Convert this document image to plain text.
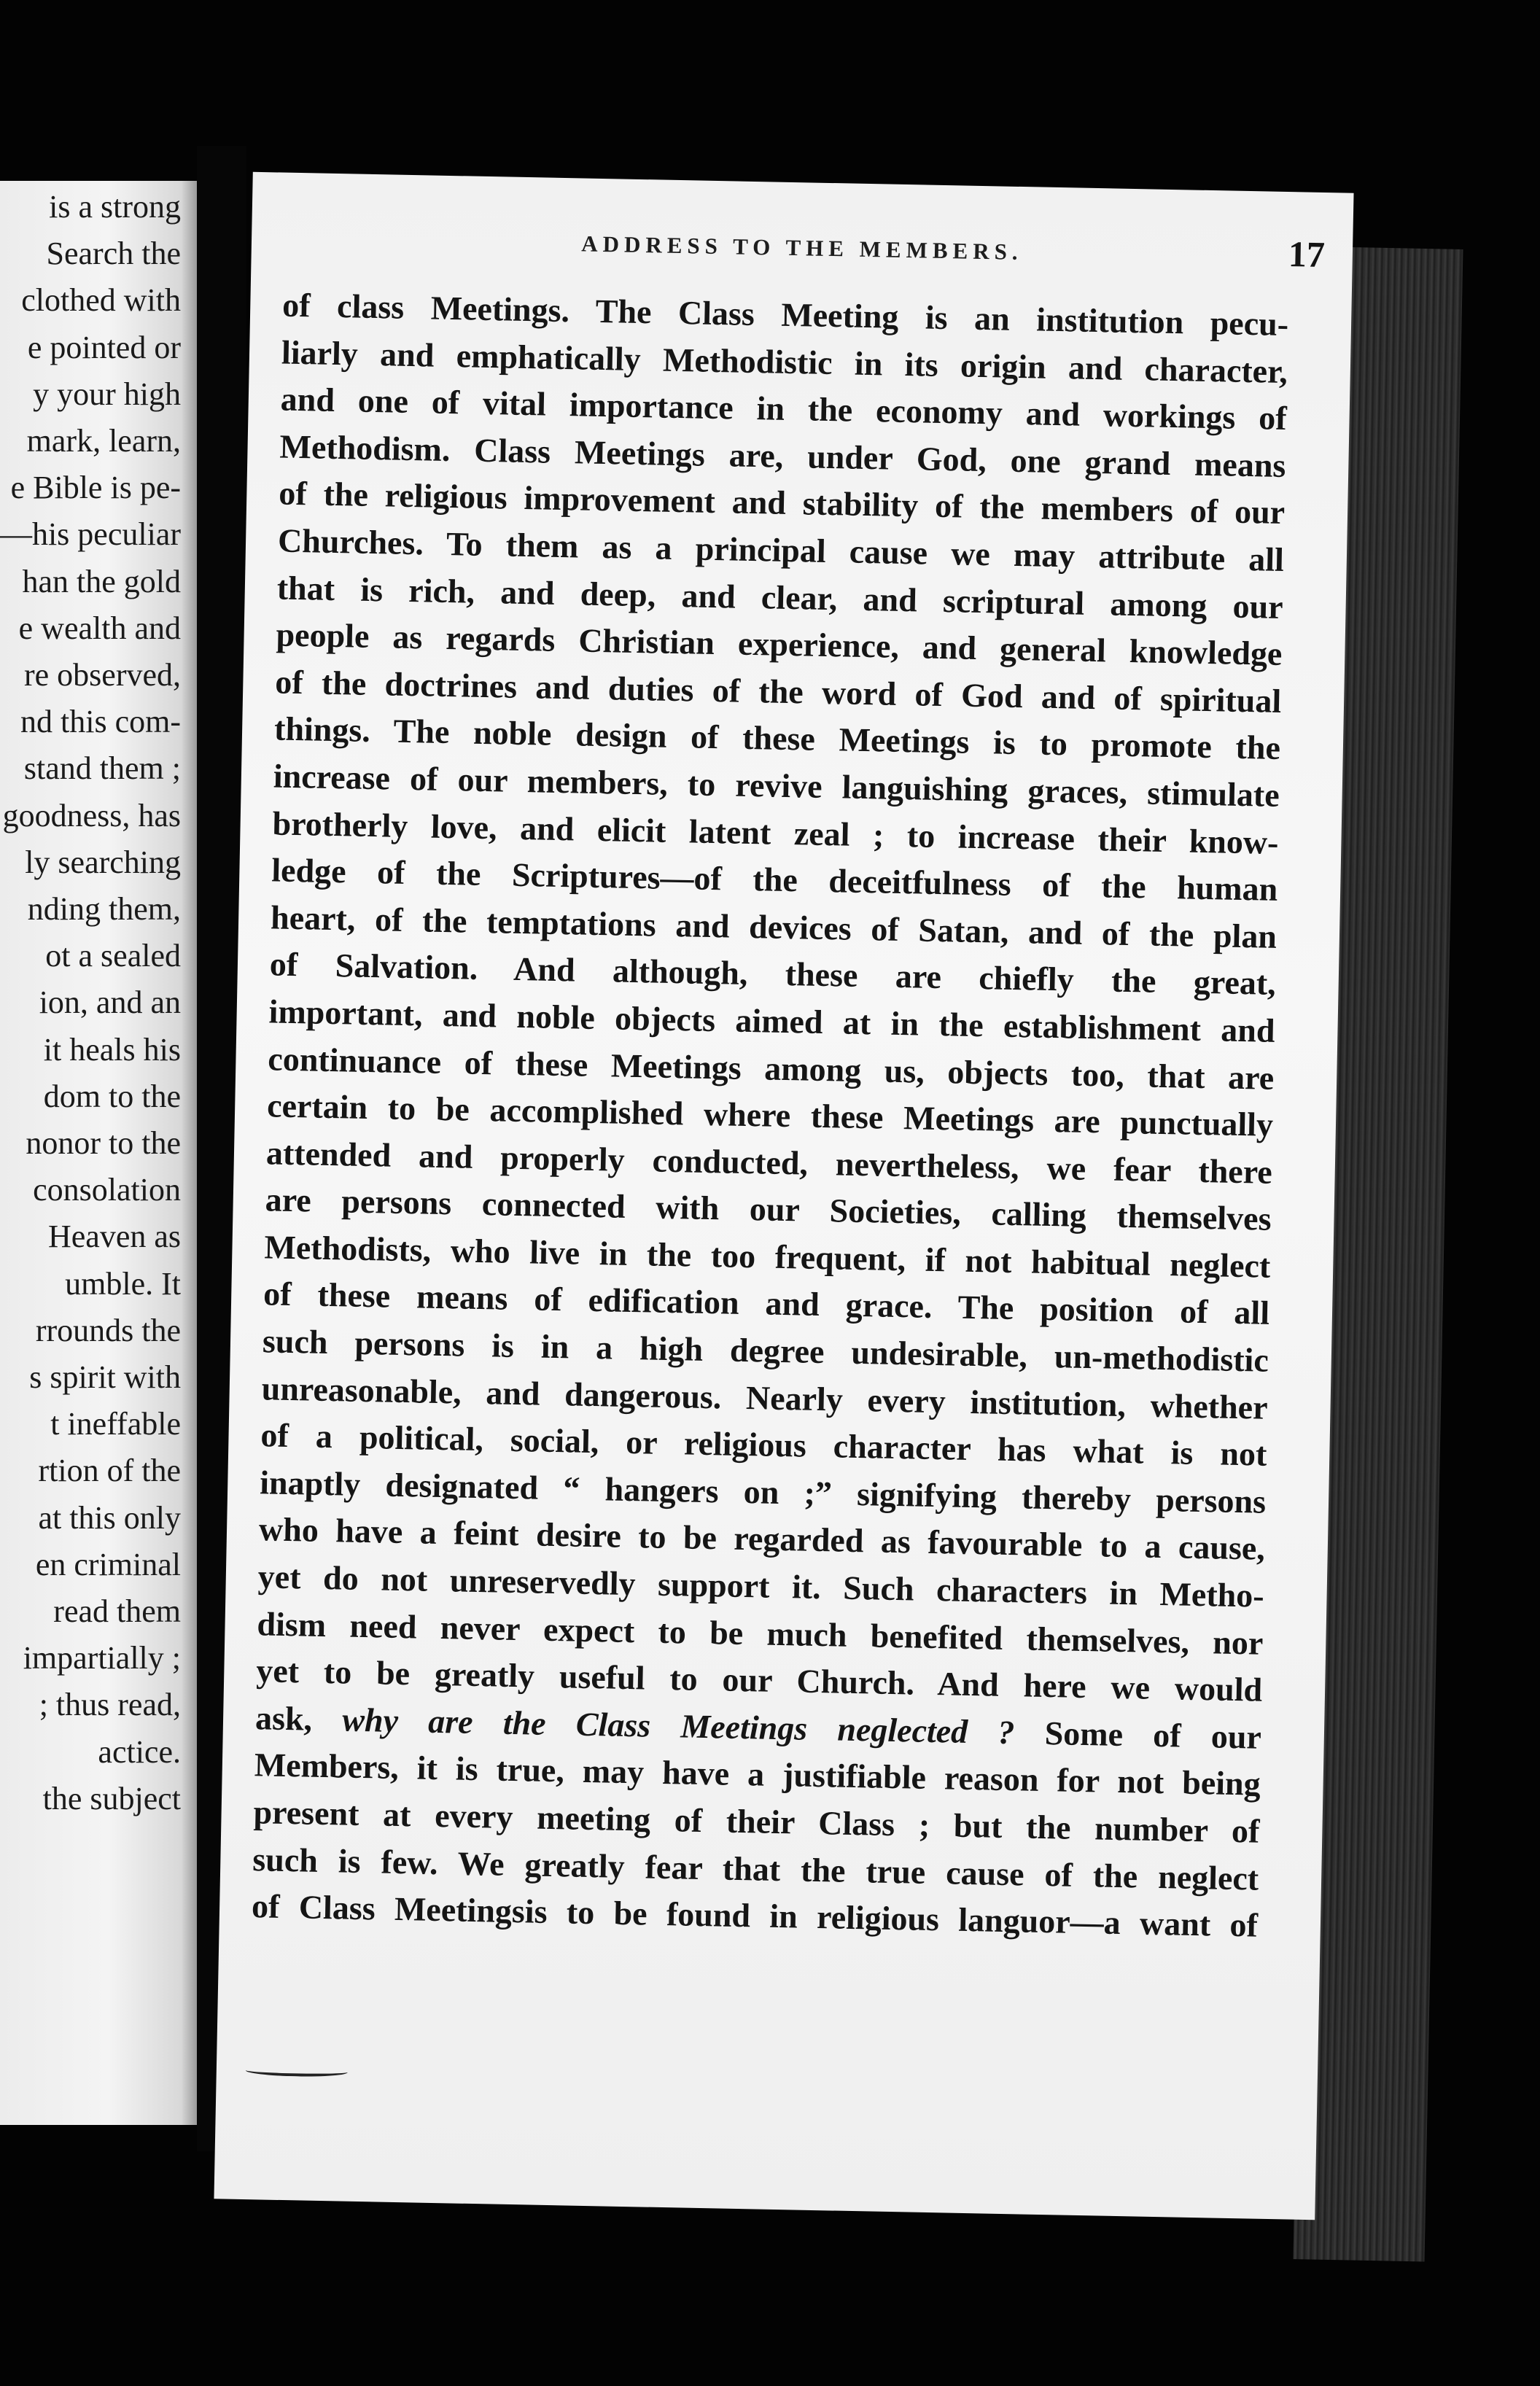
is a strong
Search the
clothed with
e pointed or
y your high
mark, learn,
e Bible is pe-
—his peculiar
han the gold
e wealth and
re observed,
nd this com-
stand them ;
goodness, has
ly searching
nding them,
ot a sealed
ion, and an
it heals his
dom to the
nonor to the
consolation
Heaven as
umble. It
rrounds the
s spirit with
t ineffable
rtion of the
at this only
en criminal
read them
impartially ;
; thus read,
actice.
the subject
ADDRESS TO THE MEMBERS.	17
of class Meetings. The Class Meeting is an institution pecu-
liarly and emphatically Methodistic in its origin and character,
and one of vital importance in the economy and workings of
Methodism. Class Meetings are, under God, one grand means
of the religious improvement and stability of the members of our
Churches. To them as a principal cause we may attribute all
that is rich, and deep, and clear, and scriptural among our
people as regards Christian experience, and general knowledge
of the doctrines and duties of the word of God and of spiritual
things. The noble design of these Meetings is to promote the
increase of our members, to revive languishing graces, stimulate
brotherly love, and elicit latent zeal ; to increase their know-
ledge of the Scriptures—of the deceitfulness of the human
heart, of the temptations and devices of Satan, and of the plan
of Salvation. And although, these are chiefly the great,
important, and noble objects aimed at in the establishment and
continuance of these Meetings among us, objects too, that are
certain to be accomplished where these Meetings are punctually
attended and properly conducted, nevertheless, we fear there
are persons connected with our Societies, calling themselves
Methodists, who live in the too frequent, if not habitual neglect
of these means of edification and grace. The position of all
such persons is in a high degree undesirable, un-methodistic
unreasonable, and dangerous. Nearly every institution, whether
of a political, social, or religious character has what is not
inaptly designated “ hangers on ;” signifying thereby persons
who have a feint desire to be regarded as favourable to a cause,
yet do not unreservedly support it. Such characters in Metho-
dism need never expect to be much benefited themselves, nor
yet to be greatly useful to our Church. And here we would
ask, why are the Class Meetings neglected ? Some of our
Members, it is true, may have a justifiable reason for not being
present at every meeting of their Class ; but the number of
such is few. We greatly fear that the true cause of the neglect
of Class Meetingsis to be found in religious languor—a want of
